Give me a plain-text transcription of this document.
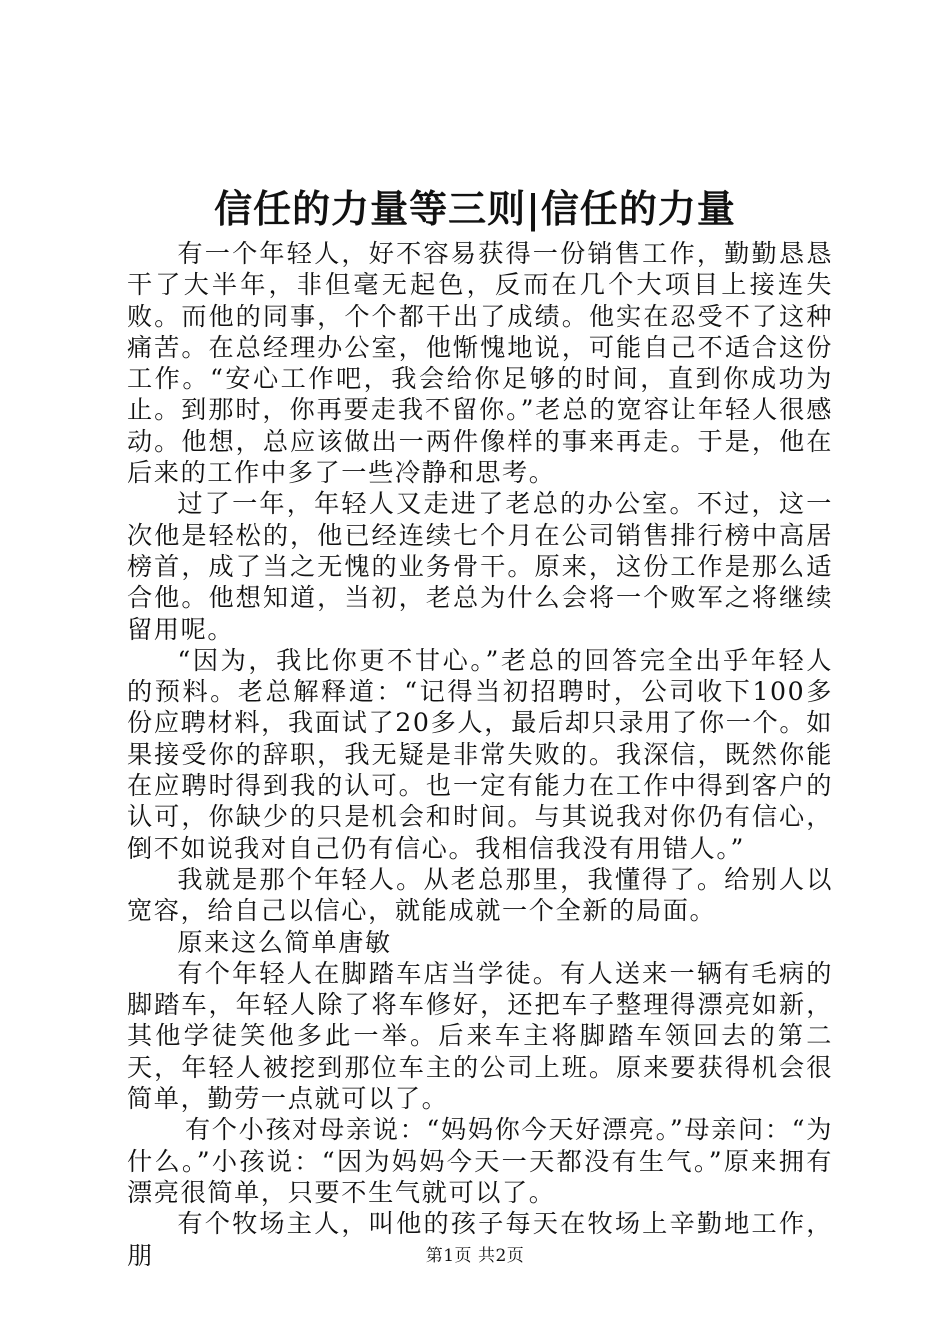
信任的力量等三则|信任的力量

有一个年轻人，好不容易获得一份销售工作，勤勤恳恳干了大半年，非但毫无起色，反而在几个大项目上接连失败。而他的同事，个个都干出了成绩。他实在忍受不了这种痛苦。在总经理办公室，他惭愧地说，可能自己不适合这份工作。“安心工作吧，我会给你足够的时间，直到你成功为止。到那时，你再要走我不留你。”老总的宽容让年轻人很感动。他想，总应该做出一两件像样的事来再走。于是，他在后来的工作中多了一些冷静和思考。

过了一年，年轻人又走进了老总的办公室。不过，这一次他是轻松的，他已经连续七个月在公司销售排行榜中高居榜首，成了当之无愧的业务骨干。原来，这份工作是那么适合他。他想知道，当初，老总为什么会将一个败军之将继续留用呢。

“因为，我比你更不甘心。”老总的回答完全出乎年轻人的预料。老总解释道：“记得当初招聘时，公司收下100多份应聘材料，我面试了20多人，最后却只录用了你一个。如果接受你的辞职，我无疑是非常失败的。我深信，既然你能在应聘时得到我的认可。也一定有能力在工作中得到客户的认可，你缺少的只是机会和时间。与其说我对你仍有信心，倒不如说我对自己仍有信心。我相信我没有用错人。”

我就是那个年轻人。从老总那里，我懂得了。给别人以宽容，给自己以信心，就能成就一个全新的局面。

原来这么简单唐敏

有个年轻人在脚踏车店当学徒。有人送来一辆有毛病的脚踏车，年轻人除了将车修好，还把车子整理得漂亮如新，其他学徒笑他多此一举。后来车主将脚踏车领回去的第二天，年轻人被挖到那位车主的公司上班。原来要获得机会很简单，勤劳一点就可以了。

有个小孩对母亲说：“妈妈你今天好漂亮。”母亲问：“为什么。”小孩说：“因为妈妈今天一天都没有生气。”原来拥有漂亮很简单，只要不生气就可以了。

有个牧场主人，叫他的孩子每天在牧场上辛勤地工作，朋	第1页 共2页
